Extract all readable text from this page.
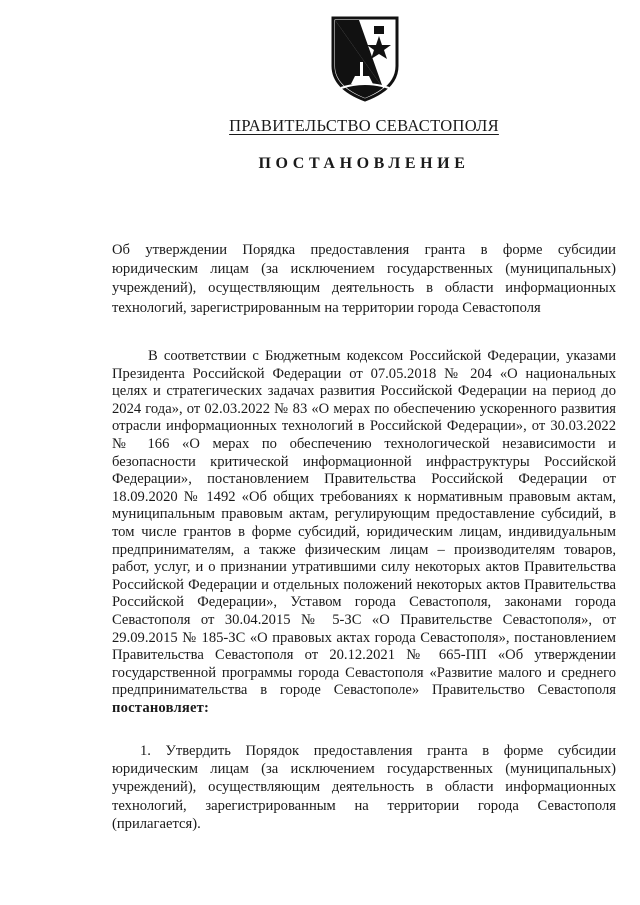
ПРАВИТЕЛЬСТВО СЕВАСТОПОЛЯ
ПОСТАНОВЛЕНИЕ
Об утверждении Порядка предоставления гранта в форме субсидии юридическим лицам (за исключением государственных (муниципальных) учреждений), осуществляющим деятельность в области информационных технологий, зарегистрированным на территории города Севастополя
В соответствии с Бюджетным кодексом Российской Федерации, указами Президента Российской Федерации от 07.05.2018 № 204 «О национальных целях и стратегических задачах развития Российской Федерации на период до 2024 года», от 02.03.2022 № 83 «О мерах по обеспечению ускоренного развития отрасли информационных технологий в Российской Федерации», от 30.03.2022 № 166 «О мерах по обеспечению технологической независимости и безопасности критической информационной инфраструктуры Российской Федерации», постановлением Правительства Российской Федерации от 18.09.2020 № 1492 «Об общих требованиях к нормативным правовым актам, муниципальным правовым актам, регулирующим предоставление субсидий, в том числе грантов в форме субсидий, юридическим лицам, индивидуальным предпринимателям, а также физическим лицам – производителям товаров, работ, услуг, и о признании утратившими силу некоторых актов Правительства Российской Федерации и отдельных положений некоторых актов Правительства Российской Федерации», Уставом города Севастополя, законами города Севастополя от 30.04.2015 № 5-ЗС «О Правительстве Севастополя», от 29.09.2015 № 185-ЗС «О правовых актах города Севастополя», постановлением Правительства Севастополя от 20.12.2021 № 665-ПП «Об утверждении государственной программы города Севастополя «Развитие малого и среднего предпринимательства в городе Севастополе» Правительство Севастополя постановляет:
1. Утвердить Порядок предоставления гранта в форме субсидии юридическим лицам (за исключением государственных (муниципальных) учреждений), осуществляющим деятельность в области информационных технологий, зарегистрированным на территории города Севастополя (прилагается).
